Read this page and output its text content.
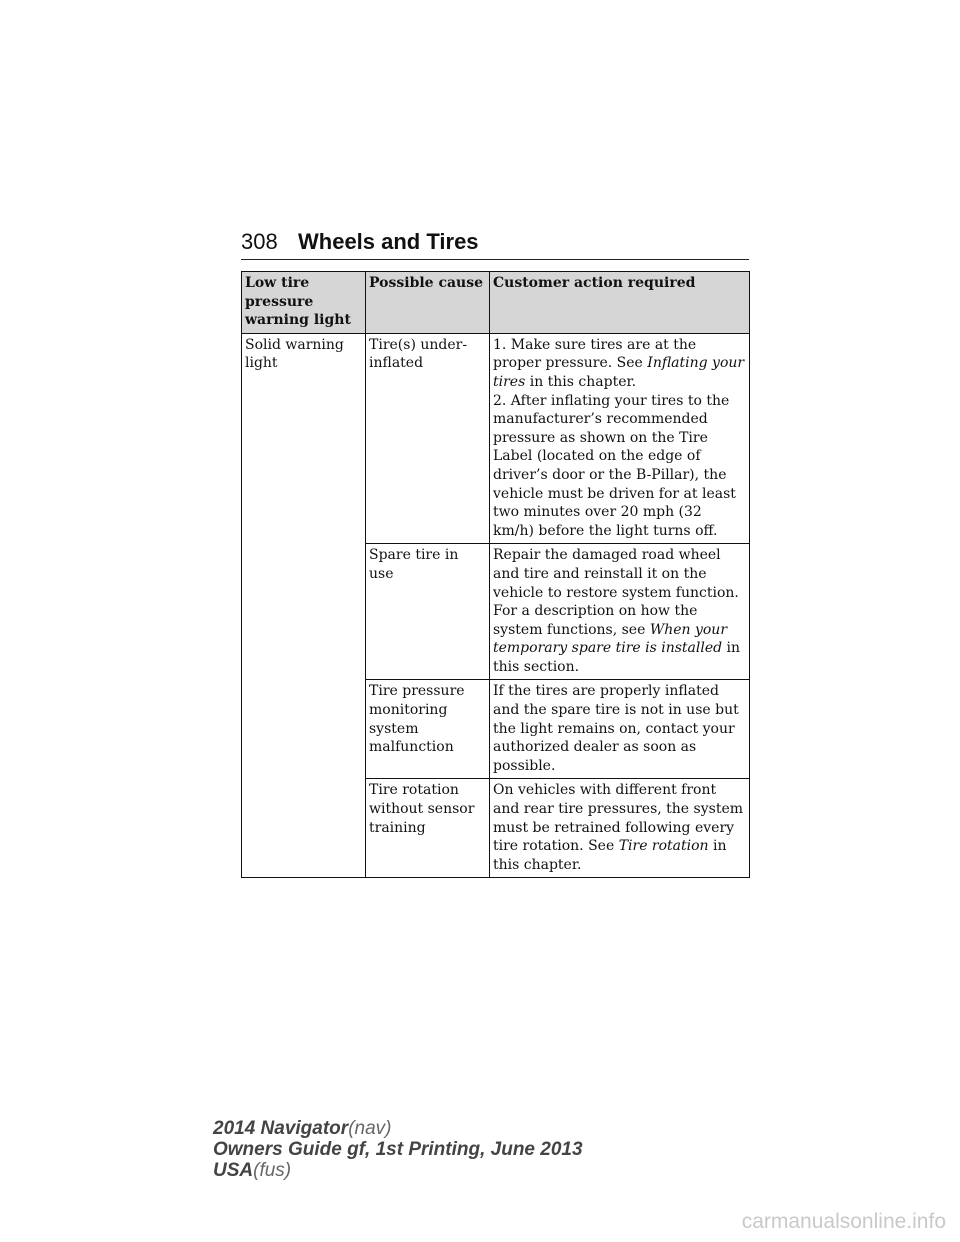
308 Wheels and Tires
Low tire pressure warning light	Possible cause	Customer action required
Solid warning light	Tire(s) under-inflated	1. Make sure tires are at the proper pressure. See Inflating your tires in this chapter.
2. After inflating your tires to the manufacturer’s recommended pressure as shown on the Tire Label (located on the edge of driver’s door or the B-Pillar), the vehicle must be driven for at least two minutes over 20 mph (32 km/h) before the light turns off.
	Spare tire in use	Repair the damaged road wheel and tire and reinstall it on the vehicle to restore system function. For a description on how the system functions, see When your temporary spare tire is installed in this section.
	Tire pressure monitoring system malfunction	If the tires are properly inflated and the spare tire is not in use but the light remains on, contact your authorized dealer as soon as possible.
	Tire rotation without sensor training	On vehicles with different front and rear tire pressures, the system must be retrained following every tire rotation. See Tire rotation in this chapter.
2014 Navigator(nav)
Owners Guide gf, 1st Printing, June 2013
USA(fus)
carmanualsonline.info
